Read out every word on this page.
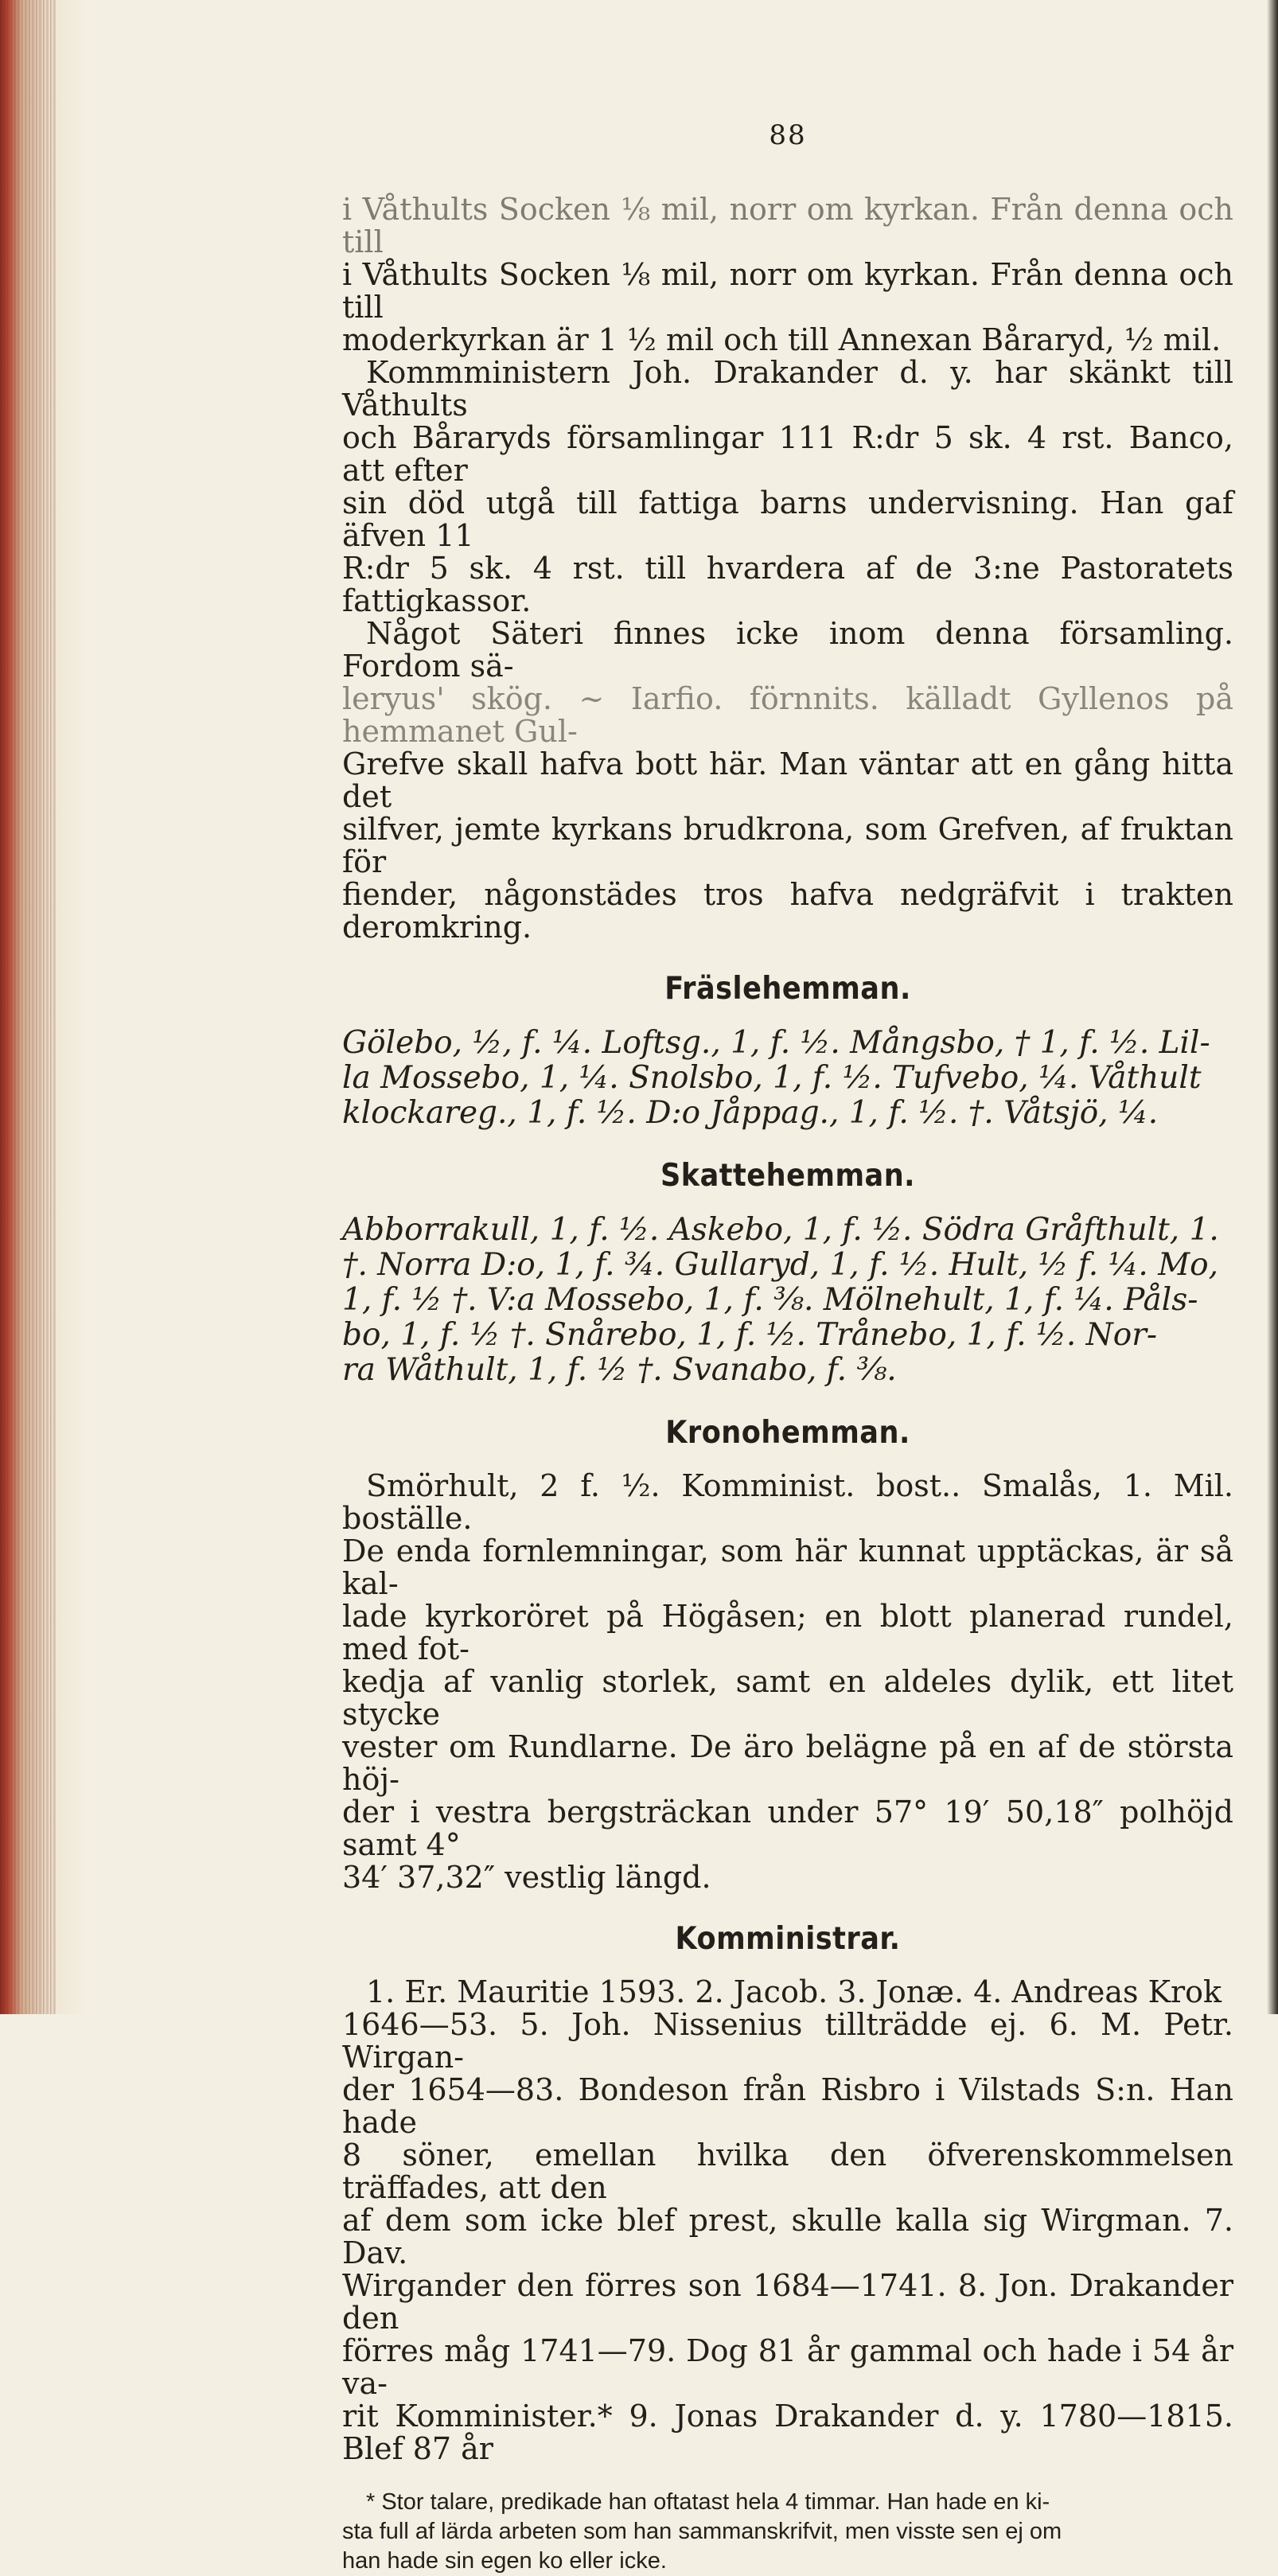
88

i Våthults Socken ⅛ mil, norr om kyrkan. Från denna och till

i Våthults Socken ⅛ mil, norr om kyrkan. Från denna och till

moderkyrkan är 1 ½ mil och till Annexan Båraryd, ½ mil.

Kommministern Joh. Drakander d. y. har skänkt till Våthults

och Båraryds församlingar 111 R:dr 5 sk. 4 rst. Banco, att efter

sin död utgå till fattiga barns undervisning. Han gaf äfven 11

R:dr 5 sk. 4 rst. till hvardera af de 3:ne Pastoratets fattigkassor.

Något Säteri finnes icke inom denna församling. Fordom sä-

leryus' skög. ~ Iarfio. förnnits. källadt Gyllenos på hemmanet Gul-

Grefve skall hafva bott här. Man väntar att en gång hitta det

silfver, jemte kyrkans brudkrona, som Grefven, af fruktan för

fiender, någonstädes tros hafva nedgräfvit i trakten deromkring.

Fräslehemman.

Gölebo, ½, f. ¼. Loftsg., 1, f. ½. Mångsbo, † 1, f. ½. Lil-

la Mossebo, 1, ¼. Snolsbo, 1, f. ½. Tufvebo, ¼. Våthult

klockareg., 1, f. ½. D:o Jåppag., 1, f. ½. †. Våtsjö, ¼.

Skattehemman.

Abborrakull, 1, f. ½. Askebo, 1, f. ½. Södra Gråfthult, 1.

†. Norra D:o, 1, f. ¾. Gullaryd, 1, f. ½. Hult, ½ f. ¼. Mo,

1, f. ½ †. V:a Mossebo, 1, f. ⅜. Mölnehult, 1, f. ¼. Påls-

bo, 1, f. ½ †. Snårebo, 1, f. ½. Trånebo, 1, f. ½. Nor-

ra Wåthult, 1, f. ½ †. Svanabo, f. ⅜.

Kronohemman.

Smörhult, 2 f. ½. Komminist. bost.. Smalås, 1. Mil. boställe.

De enda fornlemningar, som här kunnat upptäckas, är så kal-

lade kyrkoröret på Högåsen; en blott planerad rundel, med fot-

kedja af vanlig storlek, samt en aldeles dylik, ett litet stycke

vester om Rundlarne. De äro belägne på en af de största höj-

der i vestra bergsträckan under 57° 19′ 50,18″ polhöjd samt 4°

34′ 37,32″ vestlig längd.

Komministrar.

1. Er. Mauritie 1593. 2. Jacob. 3. Jonæ. 4. Andreas Krok

1646—53. 5. Joh. Nissenius tillträdde ej. 6. M. Petr. Wirgan-

der 1654—83. Bondeson från Risbro i Vilstads S:n. Han hade

8 söner, emellan hvilka den öfverenskommelsen träffades, att den

af dem som icke blef prest, skulle kalla sig Wirgman. 7. Dav.

Wirgander den förres son 1684—1741. 8. Jon. Drakander den

förres måg 1741—79. Dog 81 år gammal och hade i 54 år va-

rit Komminister.* 9. Jonas Drakander d. y. 1780—1815. Blef 87 år

* Stor talare, predikade han oftatast hela 4 timmar. Han hade en ki-

sta full af lärda arbeten som han sammanskrifvit, men visste sen ej om

han hade sin egen ko eller icke.
